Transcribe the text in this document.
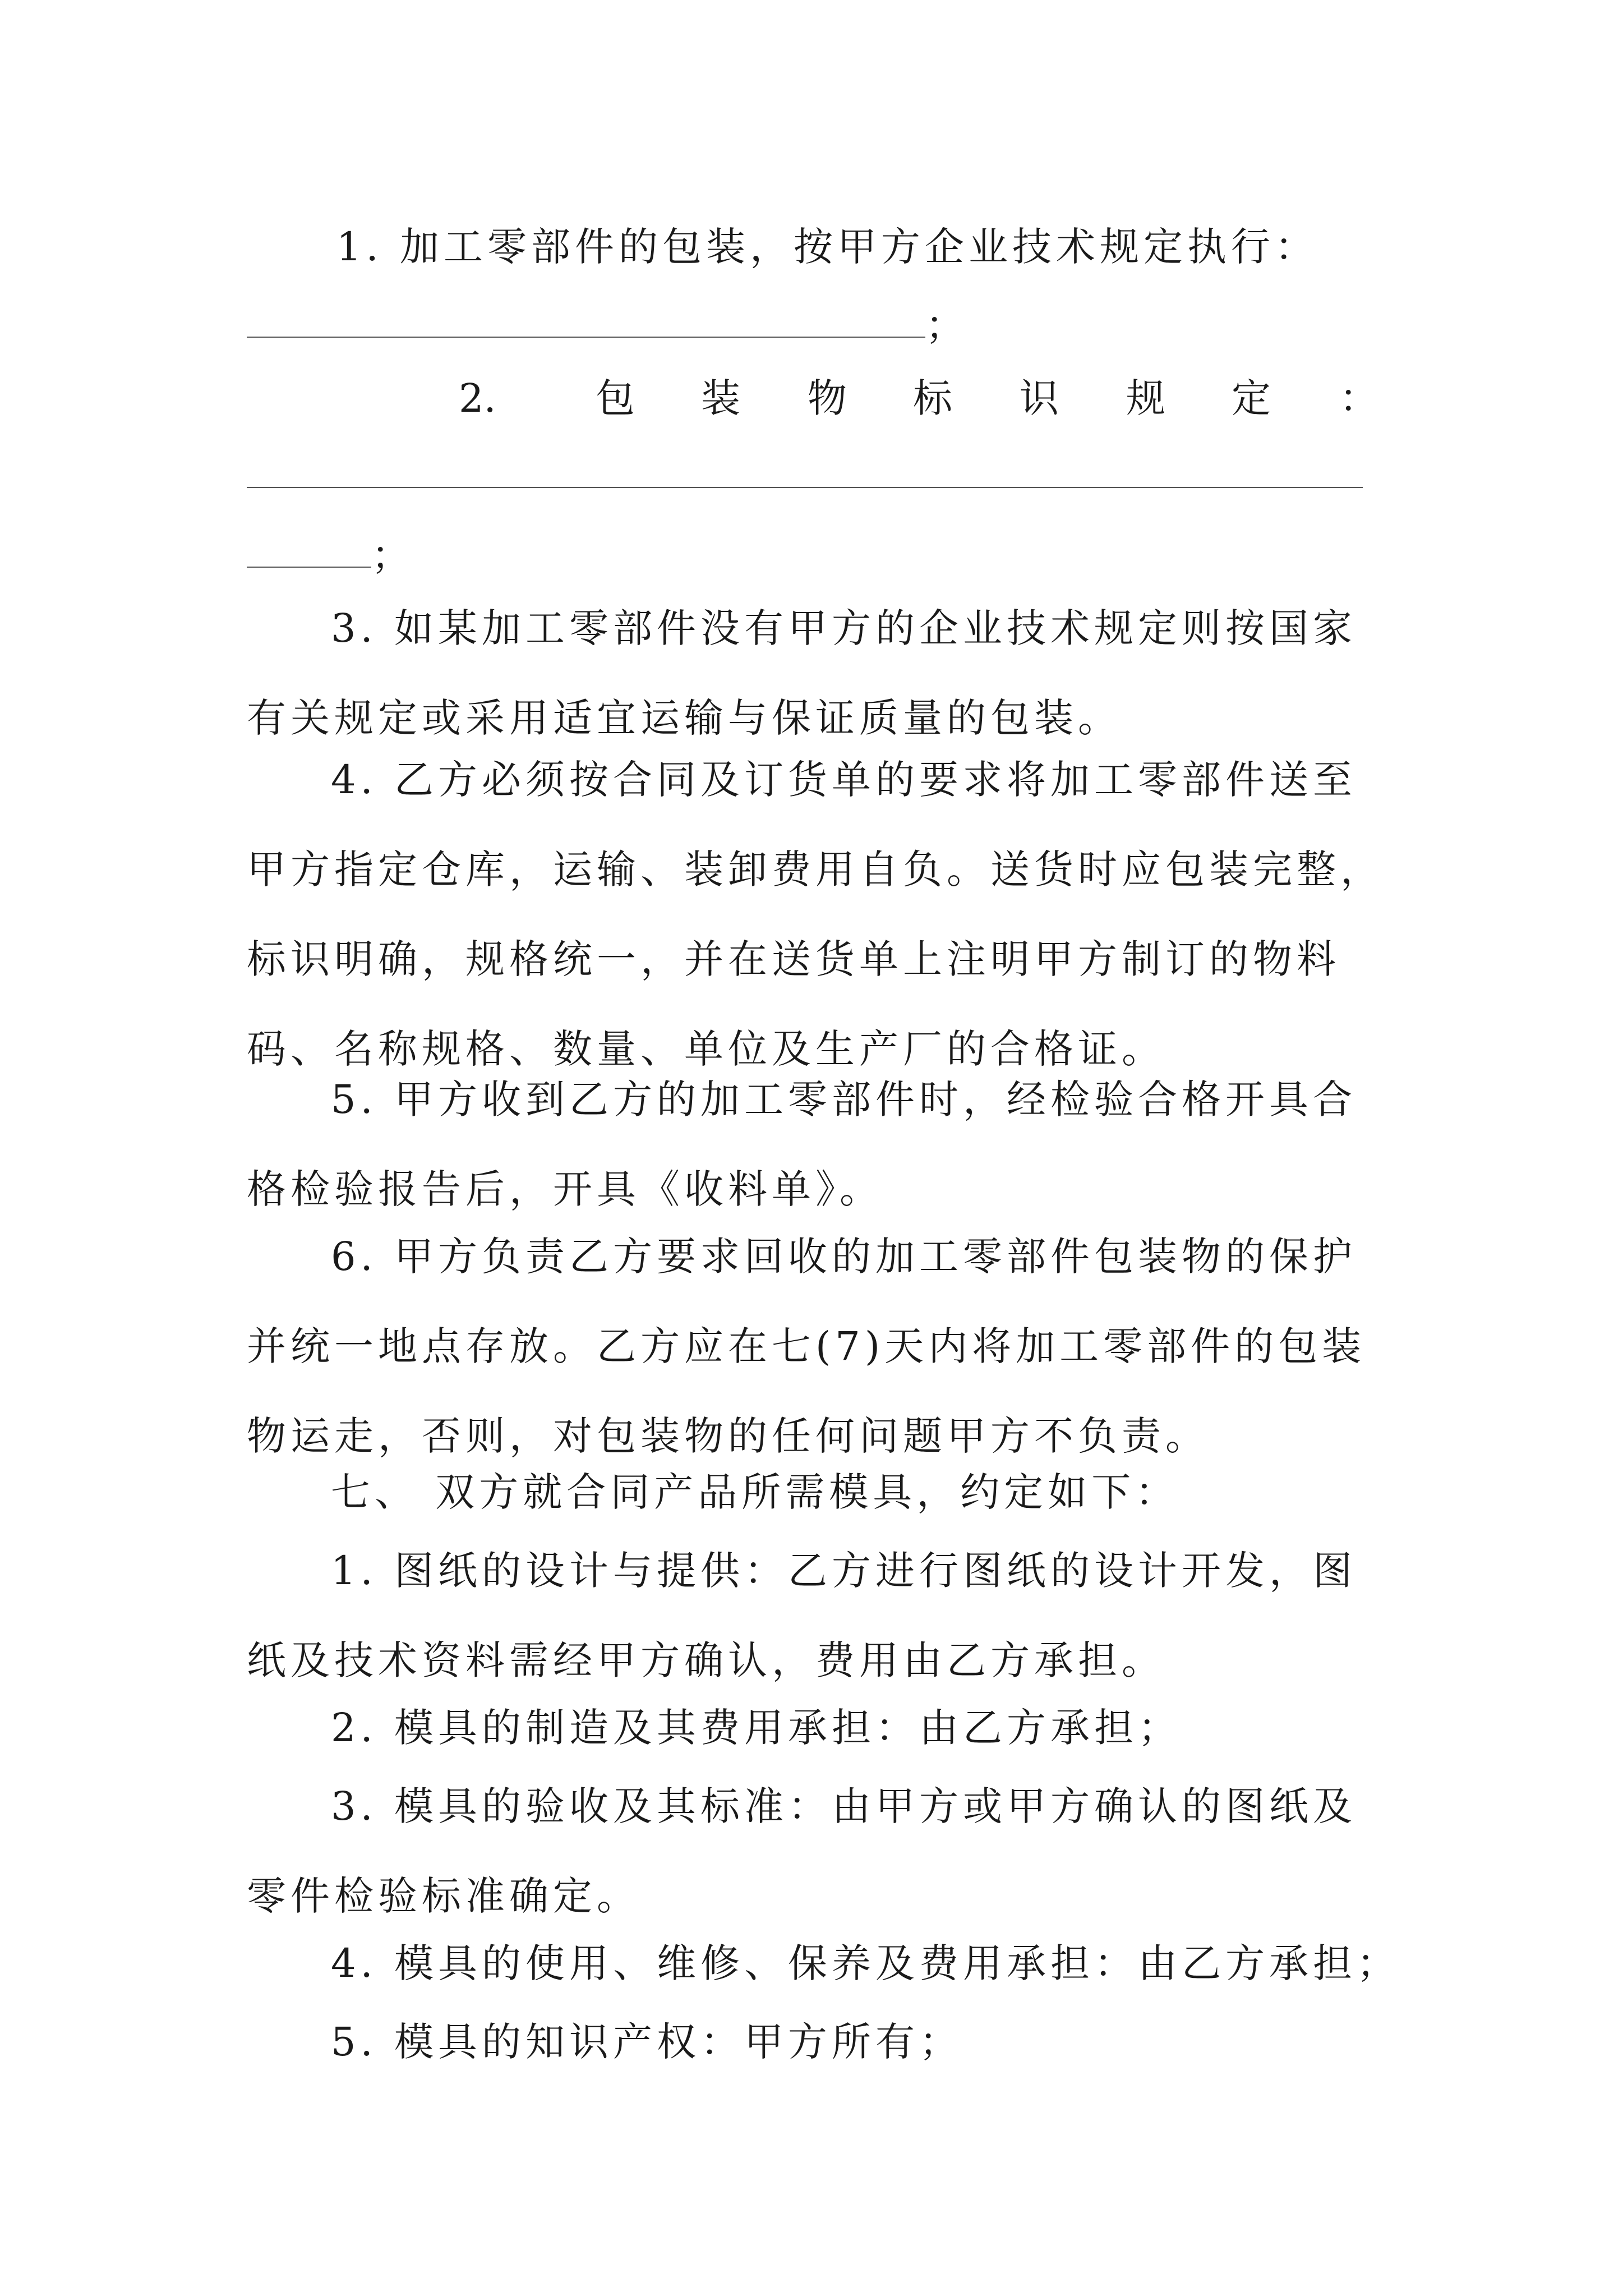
1. 加工零部件的包装，按甲方企业技术规定执行：
；
2.	包 装 物 标 识 规 定 ：
；

3. 如某加工零部件没有甲方的企业技术规定则按国家有关规定或采用适宜运输与保证质量的包装。

4. 乙方必须按合同及订货单的要求将加工零部件送至甲方指定仓库，运输、装卸费用自负。送货时应包装完整，标识明确，规格统一，并在送货单上注明甲方制订的物料码、名称规格、数量、单位及生产厂的合格证。

5. 甲方收到乙方的加工零部件时，经检验合格开具合格检验报告后，开具《收料单》。

6. 甲方负责乙方要求回收的加工零部件包装物的保护并统一地点存放。乙方应在七(7)天内将加工零部件的包装物运走，否则，对包装物的任何问题甲方不负责。

七、 双方就合同产品所需模具，约定如下：

1. 图纸的设计与提供：乙方进行图纸的设计开发，图纸及技术资料需经甲方确认，费用由乙方承担。

2. 模具的制造及其费用承担：由乙方承担；

3. 模具的验收及其标准：由甲方或甲方确认的图纸及零件检验标准确定。

4. 模具的使用、维修、保养及费用承担：由乙方承担；

5. 模具的知识产权：甲方所有；
